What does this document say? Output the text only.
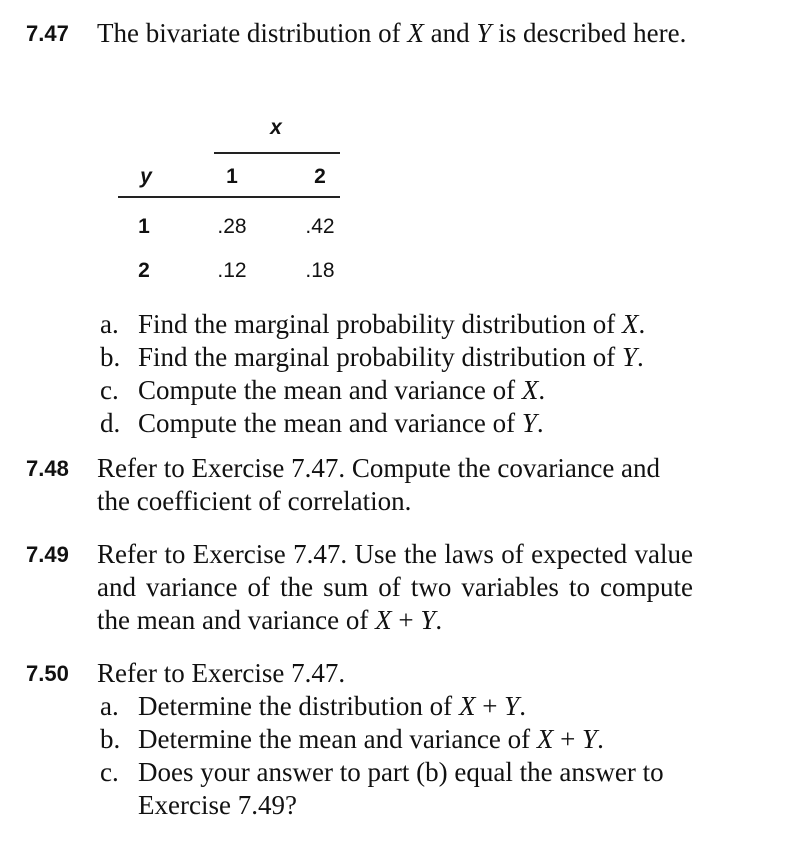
7.47 The bivariate distribution of X and Y is described here.
x
y	1	2
1	.28	.42
2	.12	.18
a. Find the marginal probability distribution of X.
b. Find the marginal probability distribution of Y.
c. Compute the mean and variance of X.
d. Compute the mean and variance of Y.
7.48 Refer to Exercise 7.47. Compute the covariance and the coefficient of correlation.
7.49 Refer to Exercise 7.47. Use the laws of expected value and variance of the sum of two variables to compute the mean and variance of X + Y.
7.50 Refer to Exercise 7.47.
a. Determine the distribution of X + Y.
b. Determine the mean and variance of X + Y.
c. Does your answer to part (b) equal the answer to Exercise 7.49?
